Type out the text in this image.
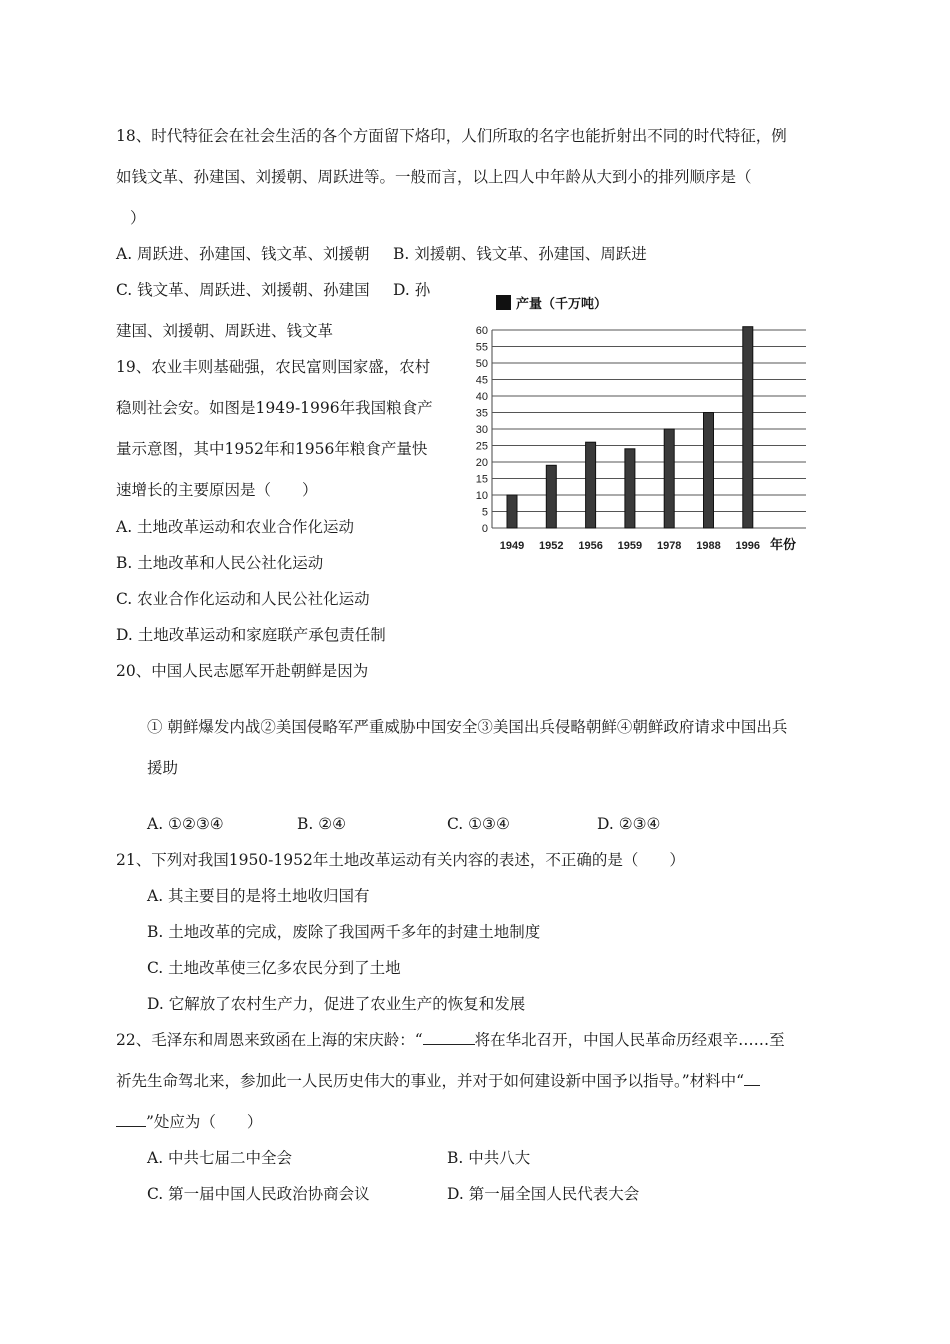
18、时代特征会在社会生活的各个方面留下烙印，人们所取的名字也能折射出不同的时代特征，例
如钱文革、孙建国、刘援朝、周跃进等。一般而言，以上四人中年龄从大到小的排列顺序是（
）
A. 周跃进、孙建国、钱文革、刘援朝 B. 刘援朝、钱文革、孙建国、周跃进
C. 钱文革、周跃进、刘援朝、孙建国 D. 孙
建国、刘援朝、周跃进、钱文革
19、农业丰则基础强，农民富则国家盛，农村
稳则社会安。如图是1949-1996年我国粮食产
量示意图，其中1952年和1956年粮食产量快
速增长的主要原因是（　　）
A. 土地改革运动和农业合作化运动
B. 土地改革和人民公社化运动
C. 农业合作化运动和人民公社化运动
D. 土地改革运动和家庭联产承包责任制
产量（千万吨）
0
5
10
15
20
25
30
35
40
45
50
55
60
1949 1952 1956 1959 1978 1988 1996 年份
20、中国人民志愿军开赴朝鲜是因为
① 朝鲜爆发内战②美国侵略军严重威胁中国安全③美国出兵侵略朝鲜④朝鲜政府请求中国出兵
援助
A. ①②③④	B. ②④	C. ①③④	D. ②③④
21、下列对我国1950-1952年土地改革运动有关内容的表述，不正确的是（　　）
A. 其主要目的是将土地收归国有
B. 土地改革的完成，废除了我国两千多年的封建土地制度
C. 土地改革使三亿多农民分到了土地
D. 它解放了农村生产力，促进了农业生产的恢复和发展
22、毛泽东和周恩来致函在上海的宋庆龄：“	将在华北召开，中国人民革命历经艰辛……至
祈先生命驾北来，参加此一人民历史伟大的事业，并对于如何建设新中国予以指导。”材料中“
”处应为（　　）
A. 中共七届二中全会	B. 中共八大
C. 第一届中国人民政治协商会议	D. 第一届全国人民代表大会
